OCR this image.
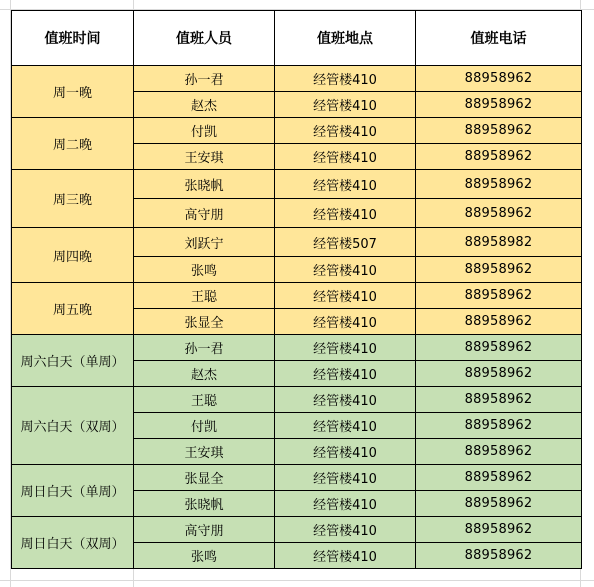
值班时间	值班人员	值班地点	值班电话
周一晚	孙一君	经管楼410	88958962
	赵杰	经管楼410	88958962
周二晚	付凯	经管楼410	88958962
	王安琪	经管楼410	88958962
周三晚	张晓帆	经管楼410	88958962
	高守朋	经管楼410	88958962
周四晚	刘跃宁	经管楼507	88958982
	张鸣	经管楼410	88958962
周五晚	王聪	经管楼410	88958962
	张显全	经管楼410	88958962
周六白天（单周）	孙一君	经管楼410	88958962
	赵杰	经管楼410	88958962
周六白天（双周）	王聪	经管楼410	88958962
	付凯	经管楼410	88958962
	王安琪	经管楼410	88958962
周日白天（单周）	张显全	经管楼410	88958962
	张晓帆	经管楼410	88958962
周日白天（双周）	高守朋	经管楼410	88958962
	张鸣	经管楼410	88958962
